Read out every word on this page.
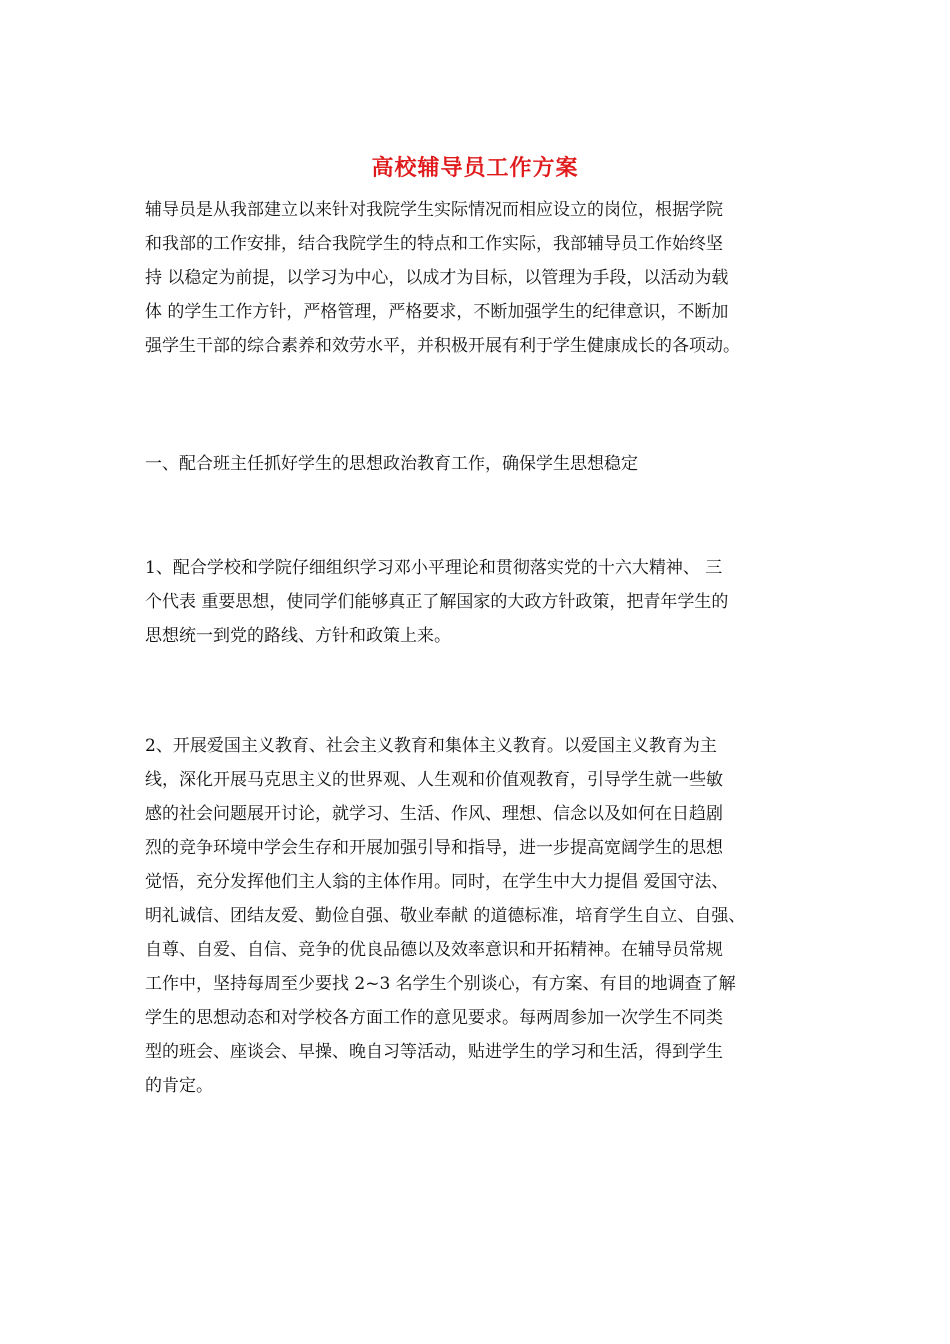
高校辅导员工作方案
辅导员是从我部建立以来针对我院学生实际情况而相应设立的岗位，根据学院
和我部的工作安排，结合我院学生的特点和工作实际，我部辅导员工作始终坚
持 以稳定为前提，以学习为中心，以成才为目标，以管理为手段，以活动为载
体 的学生工作方针，严格管理，严格要求，不断加强学生的纪律意识，不断加
强学生干部的综合素养和效劳水平，并积极开展有利于学生健康成长的各项动。
一、配合班主任抓好学生的思想政治教育工作，确保学生思想稳定
1、配合学校和学院仔细组织学习邓小平理论和贯彻落实党的十六大精神、 三
个代表 重要思想，使同学们能够真正了解国家的大政方针政策，把青年学生的
思想统一到党的路线、方针和政策上来。
2、开展爱国主义教育、社会主义教育和集体主义教育。以爱国主义教育为主
线，深化开展马克思主义的世界观、人生观和价值观教育，引导学生就一些敏
感的社会问题展开讨论，就学习、生活、作风、理想、信念以及如何在日趋剧
烈的竞争环境中学会生存和开展加强引导和指导，进一步提高宽阔学生的思想
觉悟，充分发挥他们主人翁的主体作用。同时，在学生中大力提倡 爱国守法、
明礼诚信、团结友爱、勤俭自强、敬业奉献 的道德标准，培育学生自立、自强、
自尊、自爱、自信、竞争的优良品德以及效率意识和开拓精神。在辅导员常规
工作中，坚持每周至少要找 2~3 名学生个别谈心，有方案、有目的地调查了解
学生的思想动态和对学校各方面工作的意见要求。每两周参加一次学生不同类
型的班会、座谈会、早操、晚自习等活动，贴进学生的学习和生活，得到学生
的肯定。
